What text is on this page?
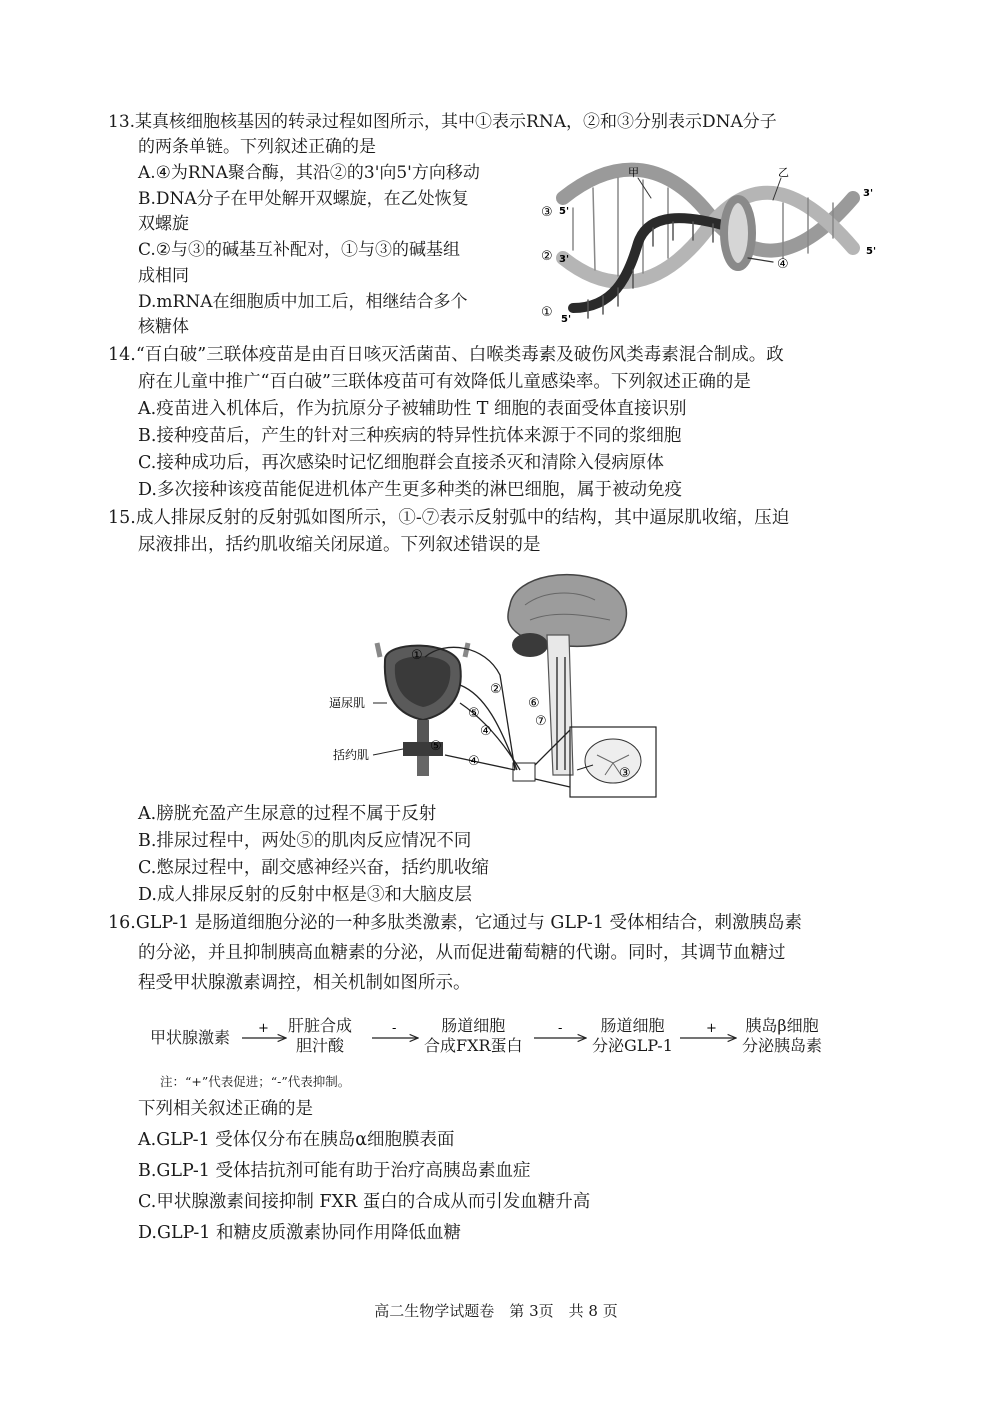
13.某真核细胞核基因的转录过程如图所示，其中①表示RNA，②和③分别表示DNA分子
的两条单链。下列叙述正确的是
A.④为RNA聚合酶，其沿②的3'向5'方向移动
B.DNA分子在甲处解开双螺旋，在乙处恢复
双螺旋
C.②与③的碱基互补配对，①与③的碱基组
成相同
D.mRNA在细胞质中加工后，相继结合多个
核糖体
甲	乙
③
②
①
④
5'
3'
3'
5'
5'
14.“百白破”三联体疫苗是由百日咳灭活菌苗、白喉类毒素及破伤风类毒素混合制成。政
府在儿童中推广“百白破”三联体疫苗可有效降低儿童感染率。下列叙述正确的是
A.疫苗进入机体后，作为抗原分子被辅助性 T 细胞的表面受体直接识别
B.接种疫苗后，产生的针对三种疾病的特异性抗体来源于不同的浆细胞
C.接种成功后，再次感染时记忆细胞群会直接杀灭和清除入侵病原体
D.多次接种该疫苗能促进机体产生更多种类的淋巴细胞，属于被动免疫
15.成人排尿反射的反射弧如图所示，①-⑦表示反射弧中的结构，其中逼尿肌收缩，压迫
尿液排出，括约肌收缩关闭尿道。下列叙述错误的是
逼尿肌
括约肌
①
②
⑤
④
⑤
④
⑥
⑦
③
A.膀胱充盈产生尿意的过程不属于反射
B.排尿过程中，两处⑤的肌肉反应情况不同
C.憋尿过程中，副交感神经兴奋，括约肌收缩
D.成人排尿反射的反射中枢是③和大脑皮层
16.GLP-1 是肠道细胞分泌的一种多肽类激素，它通过与 GLP-1 受体相结合，刺激胰岛素
的分泌，并且抑制胰高血糖素的分泌，从而促进葡萄糖的代谢。同时，其调节血糖过
程受甲状腺激素调控，相关机制如图所示。
甲状腺激素
肝脏合成
胆汁酸
肠道细胞
合成FXR蛋白
肠道细胞
分泌GLP-1
胰岛β细胞
分泌胰岛素
+	-	-	+
注：“+”代表促进；“-”代表抑制。
下列相关叙述正确的是
A.GLP-1 受体仅分布在胰岛α细胞膜表面
B.GLP-1 受体拮抗剂可能有助于治疗高胰岛素血症
C.甲状腺激素间接抑制 FXR 蛋白的合成从而引发血糖升高
D.GLP-1 和糖皮质激素协同作用降低血糖
高二生物学试题卷　第 3页　共 8 页
